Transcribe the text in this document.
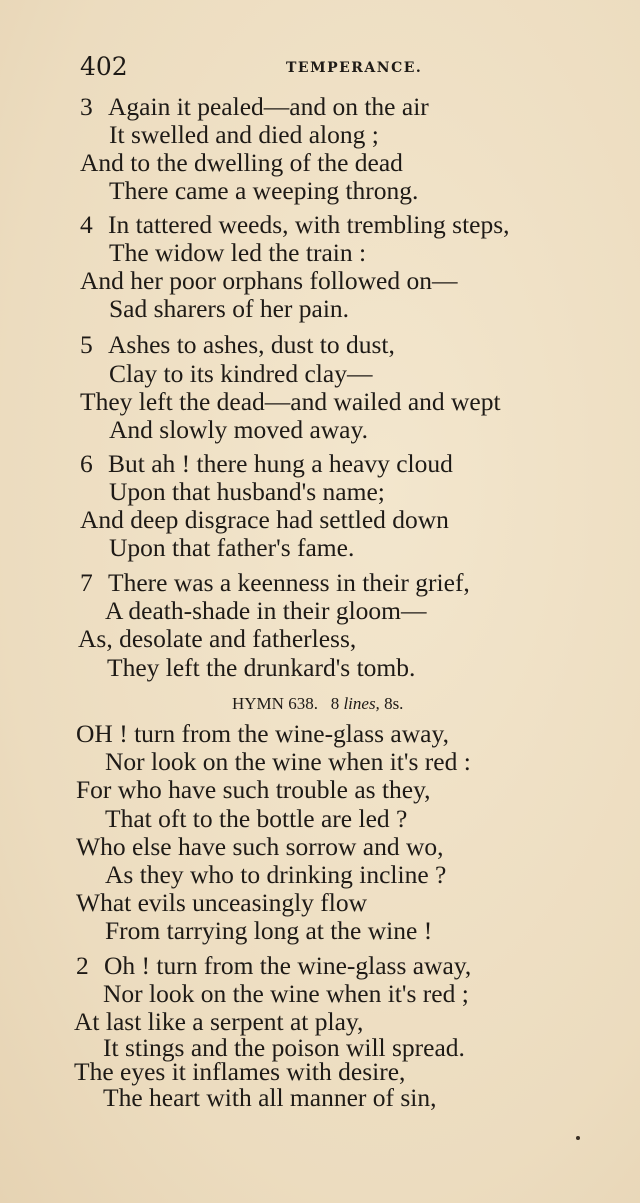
402	TEMPERANCE.
3 Again it pealed—and on the air
It swelled and died along ;
And to the dwelling of the dead
There came a weeping throng.
4 In tattered weeds, with trembling steps,
The widow led the train :
And her poor orphans followed on—
Sad sharers of her pain.
5 Ashes to ashes, dust to dust,
Clay to its kindred clay—
They left the dead—and wailed and wept
And slowly moved away.
6 But ah ! there hung a heavy cloud
Upon that husband's name;
And deep disgrace had settled down
Upon that father's fame.
7 There was a keenness in their grief,
A death-shade in their gloom—
As, desolate and fatherless,
They left the drunkard's tomb.
HYMN 638. 8 lines, 8s.
OH ! turn from the wine-glass away,
Nor look on the wine when it's red :
For who have such trouble as they,
That oft to the bottle are led ?
Who else have such sorrow and wo,
As they who to drinking incline ?
What evils unceasingly flow
From tarrying long at the wine !
2 Oh ! turn from the wine-glass away,
Nor look on the wine when it's red ;
At last like a serpent at play,
It stings and the poison will spread.
The eyes it inflames with desire,
The heart with all manner of sin,
